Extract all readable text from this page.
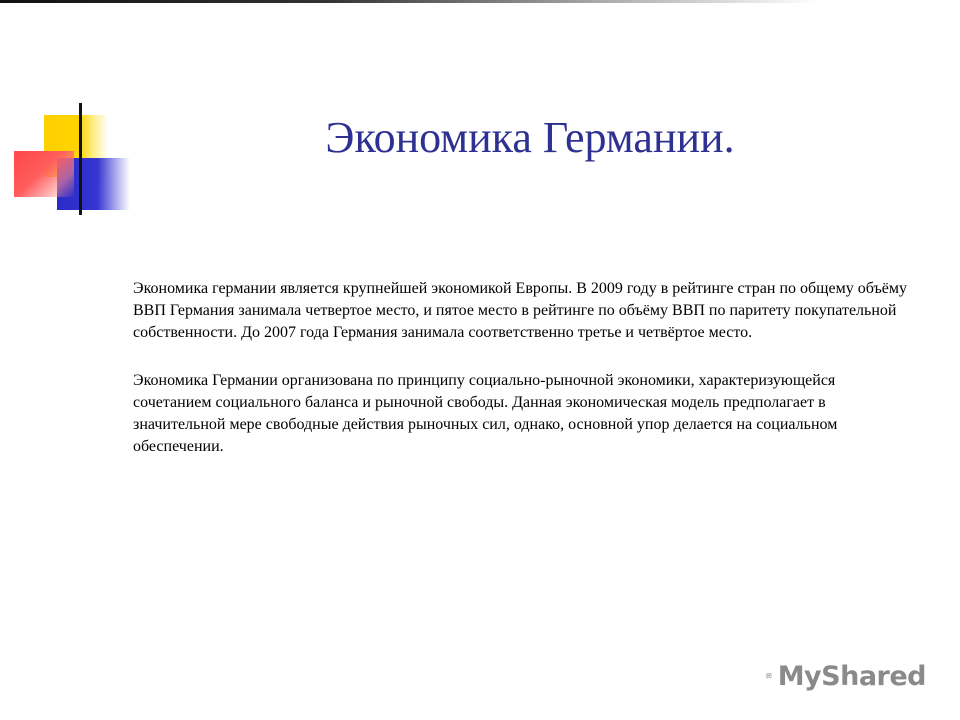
Экономика Германии.

Экономика германии является крупнейшей экономикой Европы. В 2009 году в рейтинге стран по общему объёму ВВП Германия занимала четвертое место, и пятое место в рейтинге по объёму ВВП по паритету покупательной собственности. До 2007 года Германия занимала соответственно третье и четвёртое место.

Экономика Германии организована по принципу социально-рыночной экономики, характеризующейся сочетанием социального баланса и рыночной свободы. Данная экономическая модель предполагает в значительной мере свободные действия рыночных сил, однако, основной упор делается на социальном обеспечении.

MyShared
